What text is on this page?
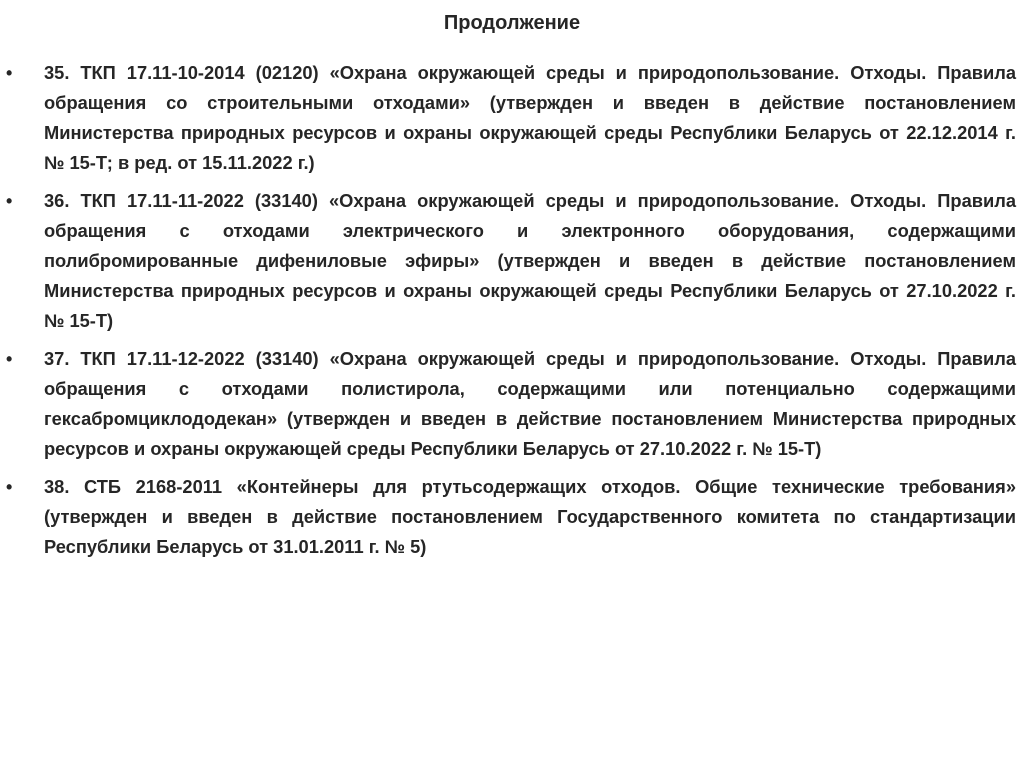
Продолжение
• 35. ТКП 17.11-10-2014 (02120) «Охрана окружающей среды и природопользование. Отходы. Правила обращения со строительными отходами» (утвержден и введен в действие постановлением Министерства природных ресурсов и охраны окружающей среды Республики Беларусь от 22.12.2014 г. № 15-Т; в ред. от 15.11.2022 г.)
• 36. ТКП 17.11-11-2022 (33140) «Охрана окружающей среды и природопользование. Отходы. Правила обращения с отходами электрического и электронного оборудования, содержащими полибромированные дифениловые эфиры» (утвержден и введен в действие постановлением Министерства природных ресурсов и охраны окружающей среды Республики Беларусь от 27.10.2022 г. № 15-Т)
• 37. ТКП 17.11-12-2022 (33140) «Охрана окружающей среды и природопользование. Отходы. Правила обращения с отходами полистирола, содержащими или потенциально содержащими гексабромциклододекан» (утвержден и введен в действие постановлением Министерства природных ресурсов и охраны окружающей среды Республики Беларусь от 27.10.2022 г. № 15-Т)
• 38. СТБ 2168-2011 «Контейнеры для ртутьсодержащих отходов. Общие технические требования» (утвержден и введен в действие постановлением Государственного комитета по стандартизации Республики Беларусь от 31.01.2011 г. № 5)
